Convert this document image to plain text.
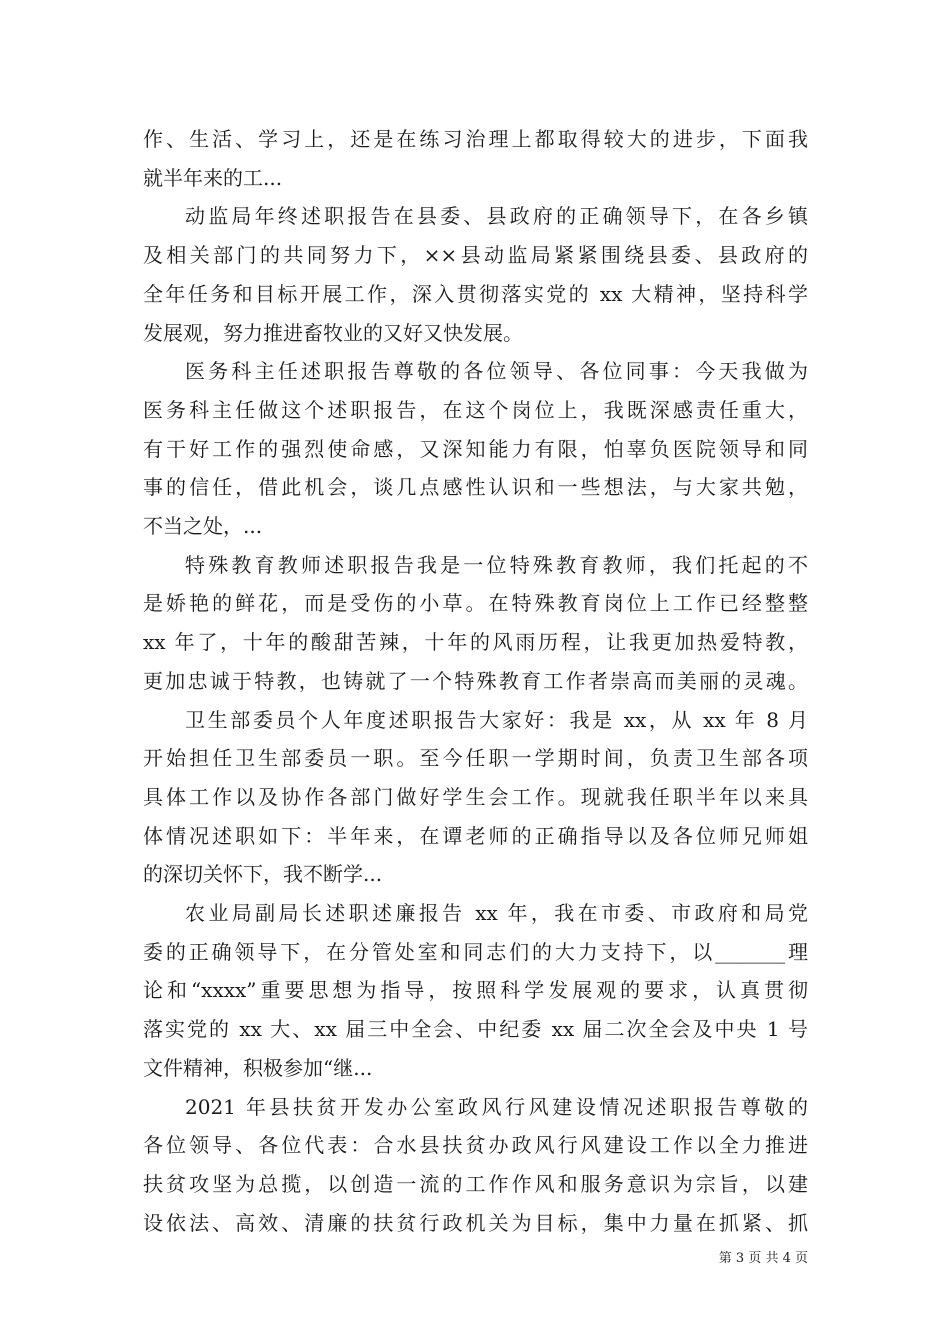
作、生活、学习上，还是在练习治理上都取得较大的进步，下面我
就半年来的工...

动监局年终述职报告在县委、县政府的正确领导下，在各乡镇
及相关部门的共同努力下，××县动监局紧紧围绕县委、县政府的
全年任务和目标开展工作，深入贯彻落实党的 xx 大精神，坚持科学
发展观，努力推进畜牧业的又好又快发展。

医务科主任述职报告尊敬的各位领导、各位同事：今天我做为
医务科主任做这个述职报告，在这个岗位上，我既深感责任重大，
有干好工作的强烈使命感，又深知能力有限，怕辜负医院领导和同
事的信任，借此机会，谈几点感性认识和一些想法，与大家共勉，
不当之处，...

特殊教育教师述职报告我是一位特殊教育教师，我们托起的不
是娇艳的鲜花，而是受伤的小草。在特殊教育岗位上工作已经整整
xx 年了，十年的酸甜苦辣，十年的风雨历程，让我更加热爱特教，
更加忠诚于特教，也铸就了一个特殊教育工作者崇高而美丽的灵魂。

卫生部委员个人年度述职报告大家好：我是 xx，从 xx 年 8 月
开始担任卫生部委员一职。至今任职一学期时间，负责卫生部各项
具体工作以及协作各部门做好学生会工作。现就我任职半年以来具
体情况述职如下：半年来，在谭老师的正确指导以及各位师兄师姐
的深切关怀下，我不断学...

农业局副局长述职述廉报告 xx 年，我在市委、市政府和局党
委的正确领导下，在分管处室和同志们的大力支持下，以_______理
论和“xxxx”重要思想为指导，按照科学发展观的要求，认真贯彻
落实党的 xx 大、xx 届三中全会、中纪委 xx 届二次全会及中央 1 号
文件精神，积极参加“继...

2021 年县扶贫开发办公室政风行风建设情况述职报告尊敬的
各位领导、各位代表：合水县扶贫办政风行风建设工作以全力推进
扶贫攻坚为总揽，以创造一流的工作作风和服务意识为宗旨，以建
设依法、高效、清廉的扶贫行政机关为目标，集中力量在抓紧、抓

第 3 页 共 4 页
